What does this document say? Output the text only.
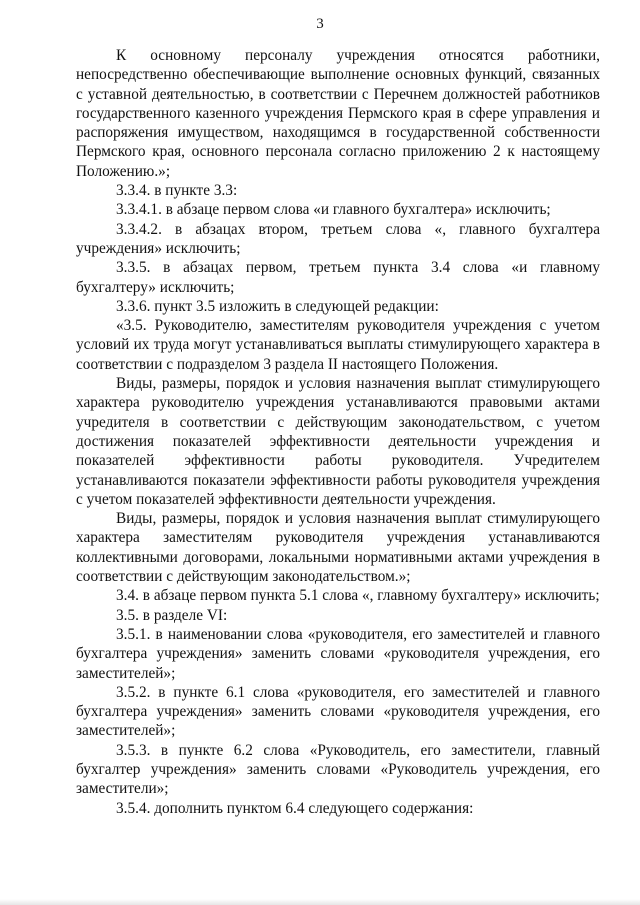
3

К основному персоналу учреждения относятся работники, непосредственно обеспечивающие выполнение основных функций, связанных с уставной деятельностью, в соответствии с Перечнем должностей работников государственного казенного учреждения Пермского края в сфере управления и распоряжения имуществом, находящимся в государственной собственности Пермского края, основного персонала согласно приложению 2 к настоящему Положению.»;

3.3.4. в пункте 3.3:

3.3.4.1. в абзаце первом слова «и главного бухгалтера» исключить;

3.3.4.2. в абзацах втором, третьем слова «, главного бухгалтера учреждения» исключить;

3.3.5. в абзацах первом, третьем пункта 3.4 слова «и главному бухгалтеру» исключить;

3.3.6. пункт 3.5 изложить в следующей редакции:

«3.5. Руководителю, заместителям руководителя учреждения с учетом условий их труда могут устанавливаться выплаты стимулирующего характера в соответствии с подразделом 3 раздела II настоящего Положения.

Виды, размеры, порядок и условия назначения выплат стимулирующего характера руководителю учреждения устанавливаются правовыми актами учредителя в соответствии с действующим законодательством, с учетом достижения показателей эффективности деятельности учреждения и показателей эффективности работы руководителя. Учредителем устанавливаются показатели эффективности работы руководителя учреждения с учетом показателей эффективности деятельности учреждения.

Виды, размеры, порядок и условия назначения выплат стимулирующего характера заместителям руководителя учреждения устанавливаются коллективными договорами, локальными нормативными актами учреждения в соответствии с действующим законодательством.»;

3.4. в абзаце первом пункта 5.1 слова «, главному бухгалтеру» исключить;

3.5. в разделе VI:

3.5.1. в наименовании слова «руководителя, его заместителей и главного бухгалтера учреждения» заменить словами «руководителя учреждения, его заместителей»;

3.5.2. в пункте 6.1 слова «руководителя, его заместителей и главного бухгалтера учреждения» заменить словами «руководителя учреждения, его заместителей»;

3.5.3. в пункте 6.2 слова «Руководитель, его заместители, главный бухгалтер учреждения» заменить словами «Руководитель учреждения, его заместители»;

3.5.4. дополнить пунктом 6.4 следующего содержания:
